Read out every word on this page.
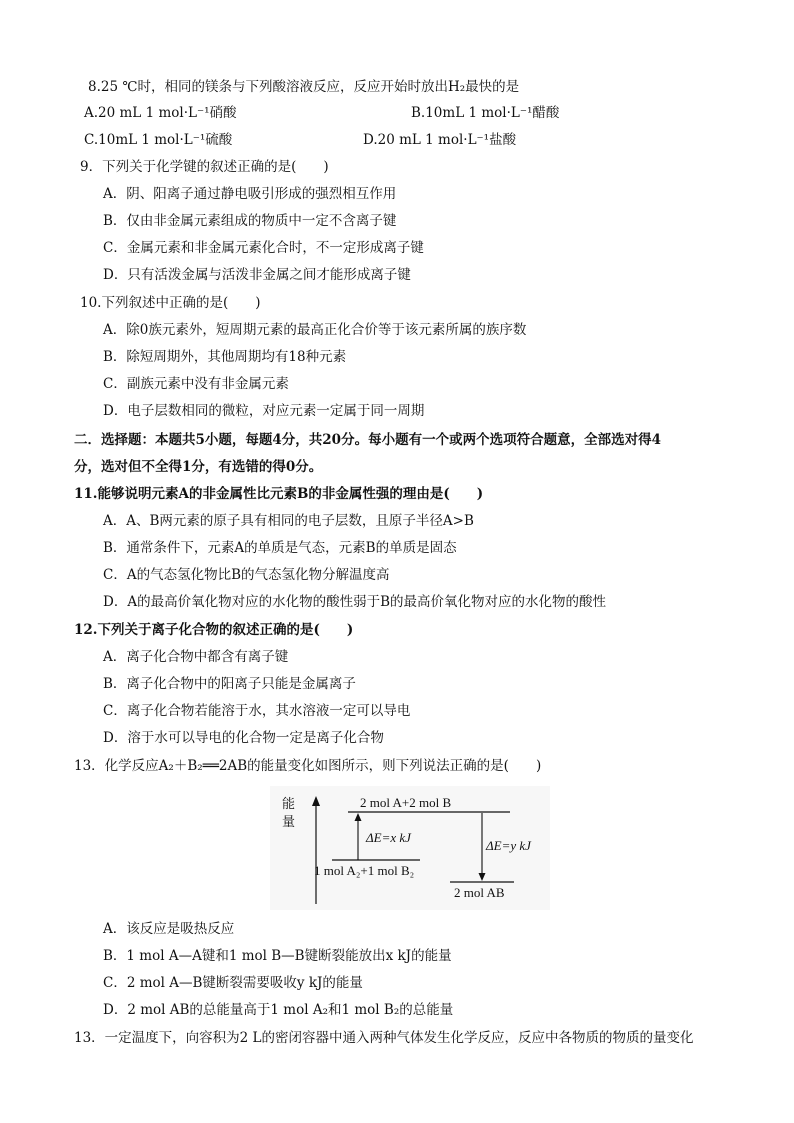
8.25 ℃时，相同的镁条与下列酸溶液反应，反应开始时放出H₂最快的是
A.20 mL 1 mol·L⁻¹硝酸	B.10mL 1 mol·L⁻¹醋酸
C.10mL 1 mol·L⁻¹硫酸	D.20 mL 1 mol·L⁻¹盐酸
9．下列关于化学键的叙述正确的是(　　)
A．阴、阳离子通过静电吸引形成的强烈相互作用
B．仅由非金属元素组成的物质中一定不含离子键
C．金属元素和非金属元素化合时，不一定形成离子键
D．只有活泼金属与活泼非金属之间才能形成离子键
10.下列叙述中正确的是(　　)
A．除0族元素外，短周期元素的最高正化合价等于该元素所属的族序数
B．除短周期外，其他周期均有18种元素
C．副族元素中没有非金属元素
D．电子层数相同的微粒，对应元素一定属于同一周期
二．选择题：本题共5小题，每题4分，共20分。每小题有一个或两个选项符合题意，全部选对得4
分，选对但不全得1分，有选错的得0分。
11.能够说明元素A的非金属性比元素B的非金属性强的理由是(　　)
A．A、B两元素的原子具有相同的电子层数，且原子半径A>B
B．通常条件下，元素A的单质是气态，元素B的单质是固态
C．A的气态氢化物比B的气态氢化物分解温度高
D．A的最高价氧化物对应的水化物的酸性弱于B的最高价氧化物对应的水化物的酸性
12.下列关于离子化合物的叙述正确的是(　　)
A．离子化合物中都含有离子键
B．离子化合物中的阳离子只能是金属离子
C．离子化合物若能溶于水，其水溶液一定可以导电
D．溶于水可以导电的化合物一定是离子化合物
13．化学反应A₂＋B₂══2AB的能量变化如图所示，则下列说法正确的是(　　)
能
量
2 mol A+2 mol B
1 mol A₂+1 mol B₂
2 mol AB
ΔE=x kJ
ΔE=y kJ
A．该反应是吸热反应
B．1 mol A—A键和1 mol B—B键断裂能放出x kJ的能量
C．2 mol A—B键断裂需要吸收y kJ的能量
D．2 mol AB的总能量高于1 mol A₂和1 mol B₂的总能量
13．一定温度下，向容积为2 L的密闭容器中通入两种气体发生化学反应，反应中各物质的物质的量变化
